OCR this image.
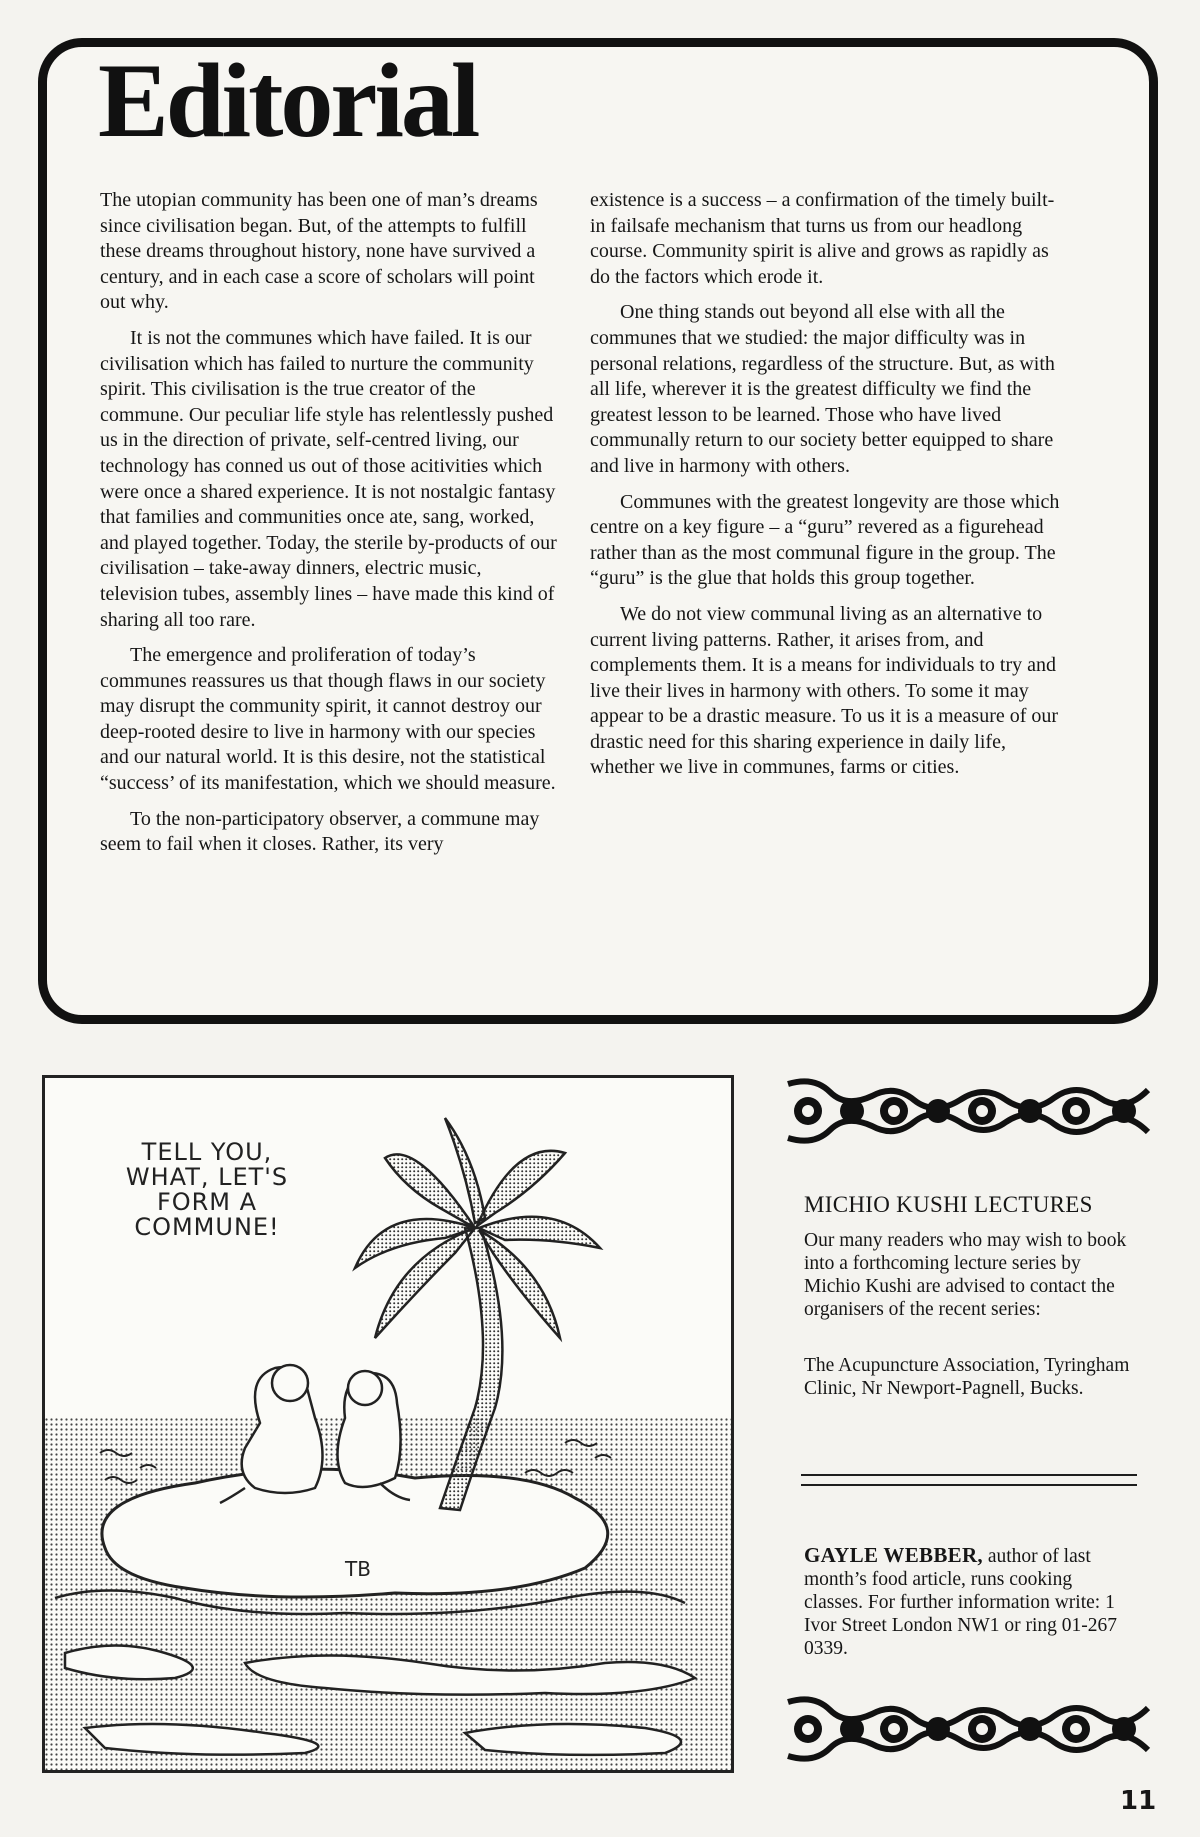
Editorial

The utopian community has been one of man’s dreams since civilisation began. But, of the attempts to fulfill these dreams throughout history, none have survived a century, and in each case a score of scholars will point out why.

It is not the communes which have failed. It is our civilisation which has failed to nurture the community spirit. This civilisation is the true creator of the commune. Our peculiar life style has relentlessly pushed us in the direction of private, self-centred living, our technology has conned us out of those acitivities which were once a shared experience. It is not nostalgic fantasy that families and communities once ate, sang, worked, and played together. Today, the sterile by-products of our civilisation – take-away dinners, electric music, television tubes, assembly lines – have made this kind of sharing all too rare.

The emergence and proliferation of today’s communes reassures us that though flaws in our society may disrupt the community spirit, it cannot destroy our deep-rooted desire to live in harmony with our species and our natural world. It is this desire, not the statistical “success’ of its manifestation, which we should measure.

To the non-participatory observer, a commune may seem to fail when it closes. Rather, its very

existence is a success – a confirmation of the timely built-in failsafe mechanism that turns us from our headlong course. Community spirit is alive and grows as rapidly as do the factors which erode it.

One thing stands out beyond all else with all the communes that we studied: the major difficulty was in personal relations, regardless of the structure. But, as with all life, wherever it is the greatest difficulty we find the greatest lesson to be learned. Those who have lived communally return to our society better equipped to share and live in harmony with others.

Communes with the greatest longevity are those which centre on a key figure – a “guru” revered as a figurehead rather than as the most communal figure in the group. The “guru” is the glue that holds this group together.

We do not view communal living as an alternative to current living patterns. Rather, it arises from, and complements them. It is a means for individuals to try and live their lives in harmony with others. To some it may appear to be a drastic measure. To us it is a measure of our drastic need for this sharing experience in daily life, whether we live in communes, farms or cities.

TB
TELL YOU,
WHAT, LET'S
FORM A
COMMUNE!
MICHIO KUSHI LECTURES
Our many readers who may wish to book into a forthcoming lecture series by Michio Kushi are advised to contact the organisers of the recent series:
The Acupuncture Association, Tyringham Clinic, Nr Newport-Pagnell, Bucks.
GAYLE WEBBER, author of last month’s food article, runs cooking classes. For further information write: 1 Ivor Street London NW1 or ring 01-267 0339.
11
